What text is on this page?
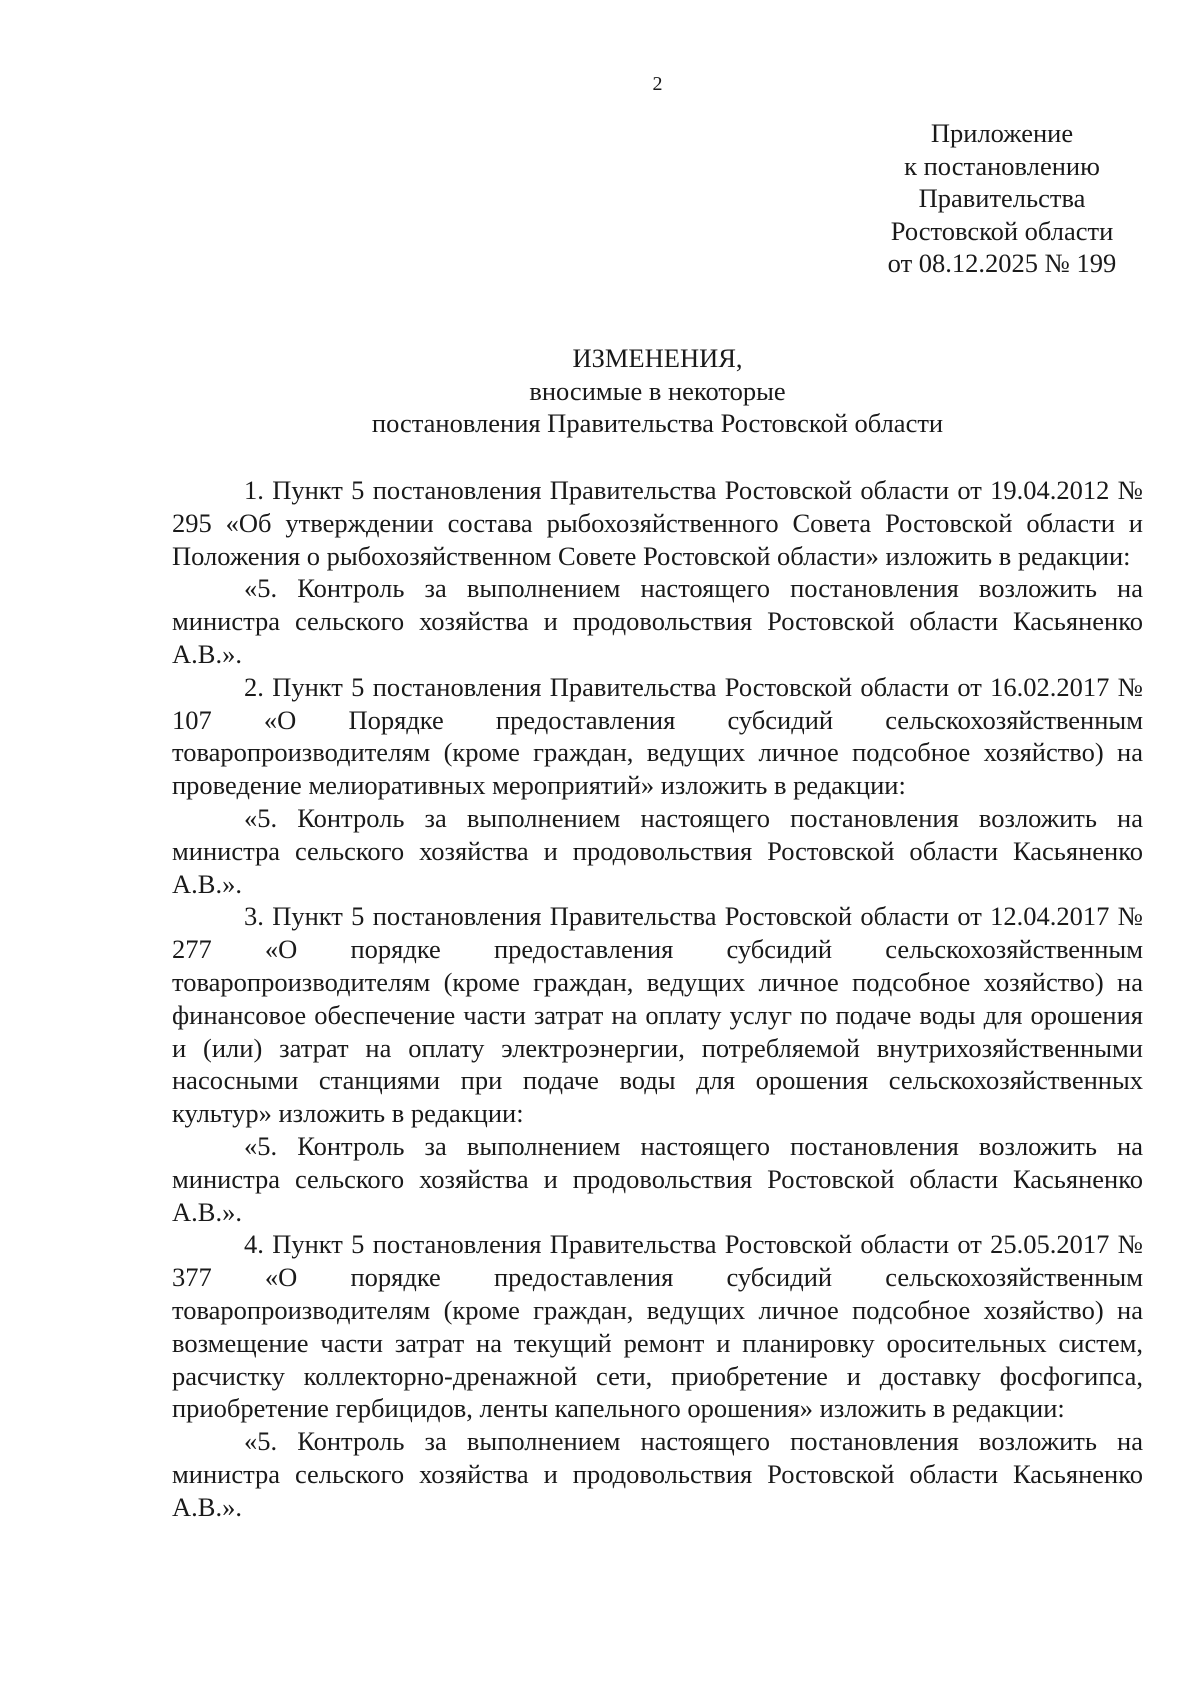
2
Приложение
к постановлению
Правительства
Ростовской области
от 08.12.2025 № 199
ИЗМЕНЕНИЯ,
вносимые в некоторые
постановления Правительства Ростовской области

1. Пункт 5 постановления Правительства Ростовской области от 19.04.2012 № 295 «Об утверждении состава рыбохозяйственного Совета Ростовской области и Положения о рыбохозяйственном Совете Ростовской области» изложить в редакции:

«5. Контроль за выполнением настоящего постановления возложить на министра сельского хозяйства и продовольствия Ростовской области Касьяненко А.В.».

2. Пункт 5 постановления Правительства Ростовской области от 16.02.2017 № 107 «О Порядке предоставления субсидий сельскохозяйственным товаропроизводителям (кроме граждан, ведущих личное подсобное хозяйство) на проведение мелиоративных мероприятий» изложить в редакции:

«5. Контроль за выполнением настоящего постановления возложить на министра сельского хозяйства и продовольствия Ростовской области Касьяненко А.В.».

3. Пункт 5 постановления Правительства Ростовской области от 12.04.2017 № 277 «О порядке предоставления субсидий сельскохозяйственным товаропроизводителям (кроме граждан, ведущих личное подсобное хозяйство) на финансовое обеспечение части затрат на оплату услуг по подаче воды для орошения и (или) затрат на оплату электроэнергии, потребляемой внутрихозяйственными насосными станциями при подаче воды для орошения сельскохозяйственных культур» изложить в редакции:

«5. Контроль за выполнением настоящего постановления возложить на министра сельского хозяйства и продовольствия Ростовской области Касьяненко А.В.».

4. Пункт 5 постановления Правительства Ростовской области от 25.05.2017 № 377 «О порядке предоставления субсидий сельскохозяйственным товаропроизводителям (кроме граждан, ведущих личное подсобное хозяйство) на возмещение части затрат на текущий ремонт и планировку оросительных систем, расчистку коллекторно-дренажной сети, приобретение и доставку фосфогипса, приобретение гербицидов, ленты капельного орошения» изложить в редакции:

«5. Контроль за выполнением настоящего постановления возложить на министра сельского хозяйства и продовольствия Ростовской области Касьяненко А.В.».
